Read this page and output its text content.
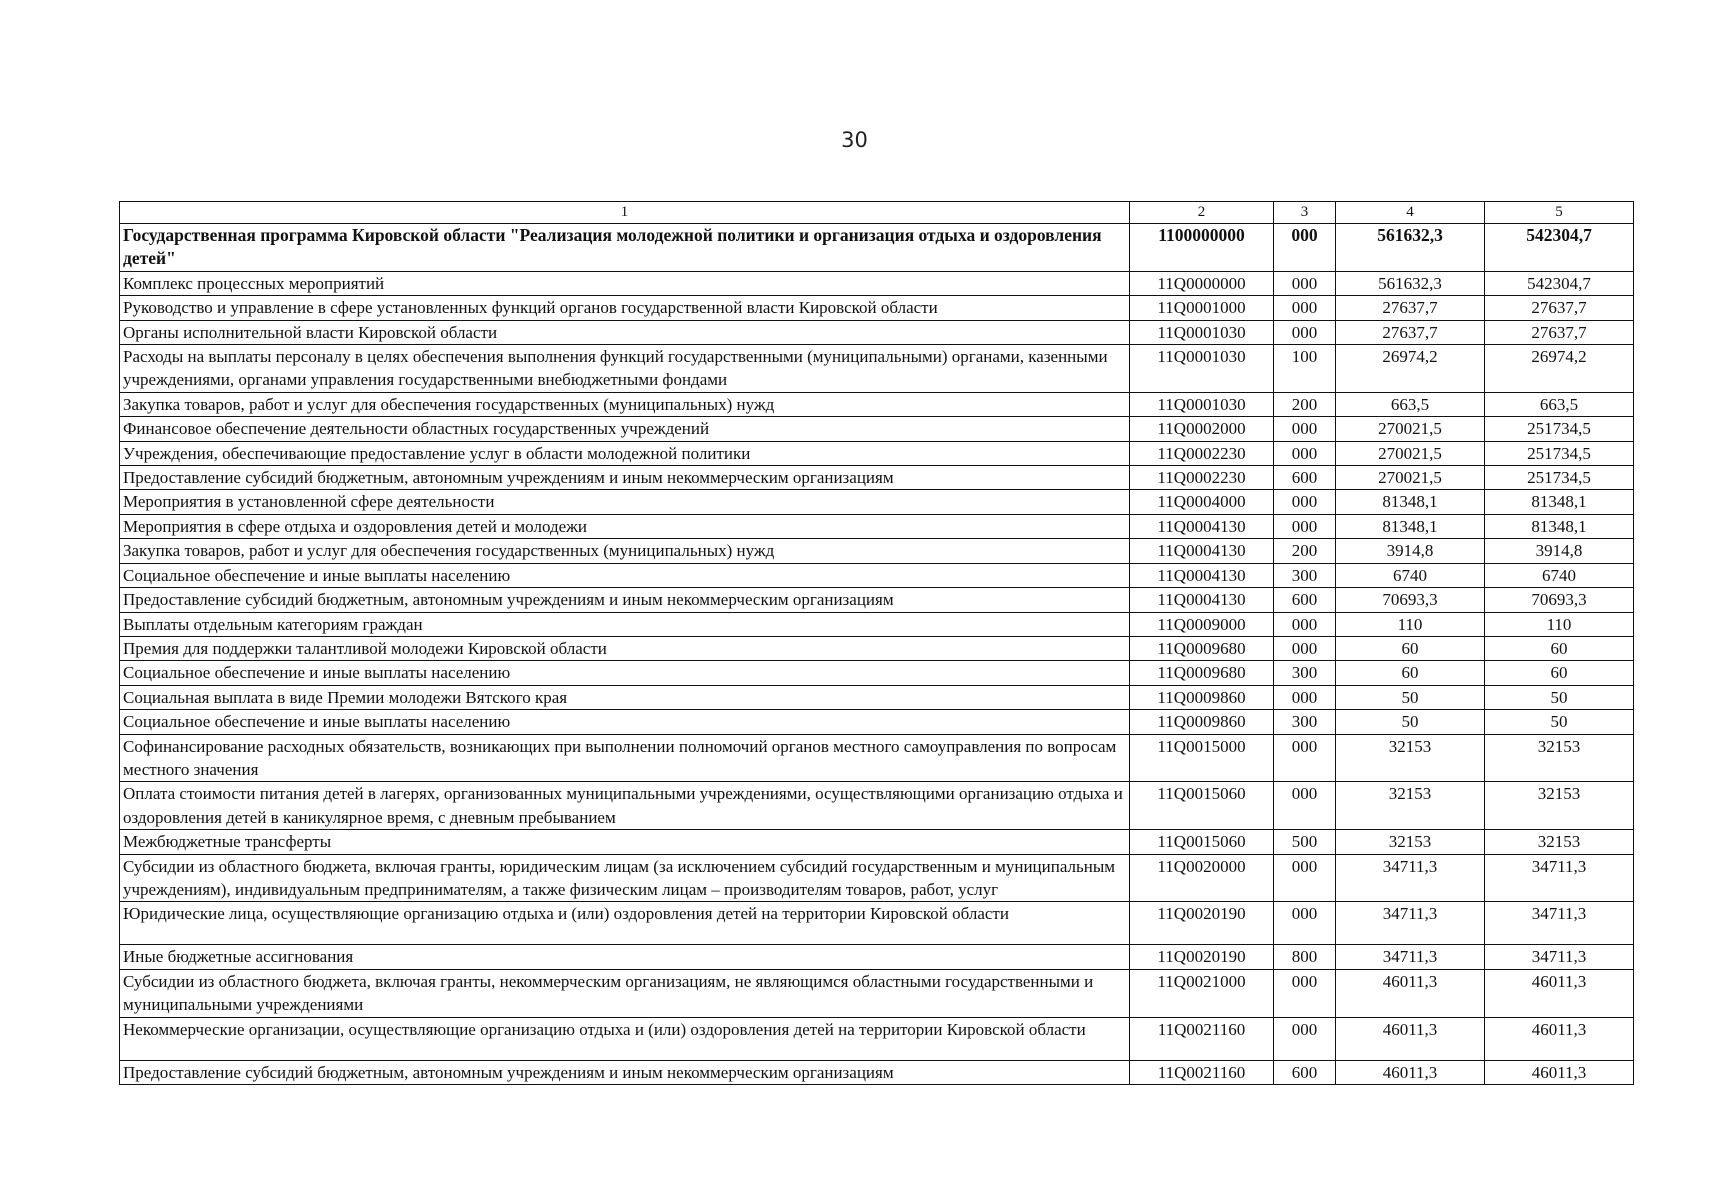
30
1	2	3	4	5
Государственная программа Кировской области "Реализация молодежной политики и организация отдыха и оздоровления детей"	1100000000	000	561632,3	542304,7
Комплекс процессных мероприятий	11Q0000000	000	561632,3	542304,7
Руководство и управление в сфере установленных функций органов государственной власти Кировской области	11Q0001000	000	27637,7	27637,7
Органы исполнительной власти Кировской области	11Q0001030	000	27637,7	27637,7
Расходы на выплаты персоналу в целях обеспечения выполнения функций государственными (муниципальными) органами, казенными учреждениями, органами управления государственными внебюджетными фондами	11Q0001030	100	26974,2	26974,2
Закупка товаров, работ и услуг для обеспечения государственных (муниципальных) нужд	11Q0001030	200	663,5	663,5
Финансовое обеспечение деятельности областных государственных учреждений	11Q0002000	000	270021,5	251734,5
Учреждения, обеспечивающие предоставление услуг в области молодежной политики	11Q0002230	000	270021,5	251734,5
Предоставление субсидий бюджетным, автономным учреждениям и иным некоммерческим организациям	11Q0002230	600	270021,5	251734,5
Мероприятия в установленной сфере деятельности	11Q0004000	000	81348,1	81348,1
Мероприятия в сфере отдыха и оздоровления детей и молодежи	11Q0004130	000	81348,1	81348,1
Закупка товаров, работ и услуг для обеспечения государственных (муниципальных) нужд	11Q0004130	200	3914,8	3914,8
Социальное обеспечение и иные выплаты населению	11Q0004130	300	6740	6740
Предоставление субсидий бюджетным, автономным учреждениям и иным некоммерческим организациям	11Q0004130	600	70693,3	70693,3
Выплаты отдельным категориям граждан	11Q0009000	000	110	110
Премия для поддержки талантливой молодежи Кировской области	11Q0009680	000	60	60
Социальное обеспечение и иные выплаты населению	11Q0009680	300	60	60
Социальная выплата в виде Премии молодежи Вятского края	11Q0009860	000	50	50
Социальное обеспечение и иные выплаты населению	11Q0009860	300	50	50
Софинансирование расходных обязательств, возникающих при выполнении полномочий органов местного самоуправления по вопросам местного значения	11Q0015000	000	32153	32153
Оплата стоимости питания детей в лагерях, организованных муниципальными учреждениями, осуществляющими организацию отдыха и оздоровления детей в каникулярное время, с дневным пребыванием	11Q0015060	000	32153	32153
Межбюджетные трансферты	11Q0015060	500	32153	32153
Субсидии из областного бюджета, включая гранты, юридическим лицам (за исключением субсидий государственным и муниципальным учреждениям), индивидуальным предпринимателям, а также физическим лицам – производителям товаров, работ, услуг	11Q0020000	000	34711,3	34711,3
Юридические лица, осуществляющие организацию отдыха и (или) оздоровления детей на территории Кировской области	11Q0020190	000	34711,3	34711,3
Иные бюджетные ассигнования	11Q0020190	800	34711,3	34711,3
Субсидии из областного бюджета, включая гранты, некоммерческим организациям, не являющимся областными государственными и муниципальными учреждениями	11Q0021000	000	46011,3	46011,3
Некоммерческие организации, осуществляющие организацию отдыха и (или) оздоровления детей на территории Кировской области	11Q0021160	000	46011,3	46011,3
Предоставление субсидий бюджетным, автономным учреждениям и иным некоммерческим организациям	11Q0021160	600	46011,3	46011,3
